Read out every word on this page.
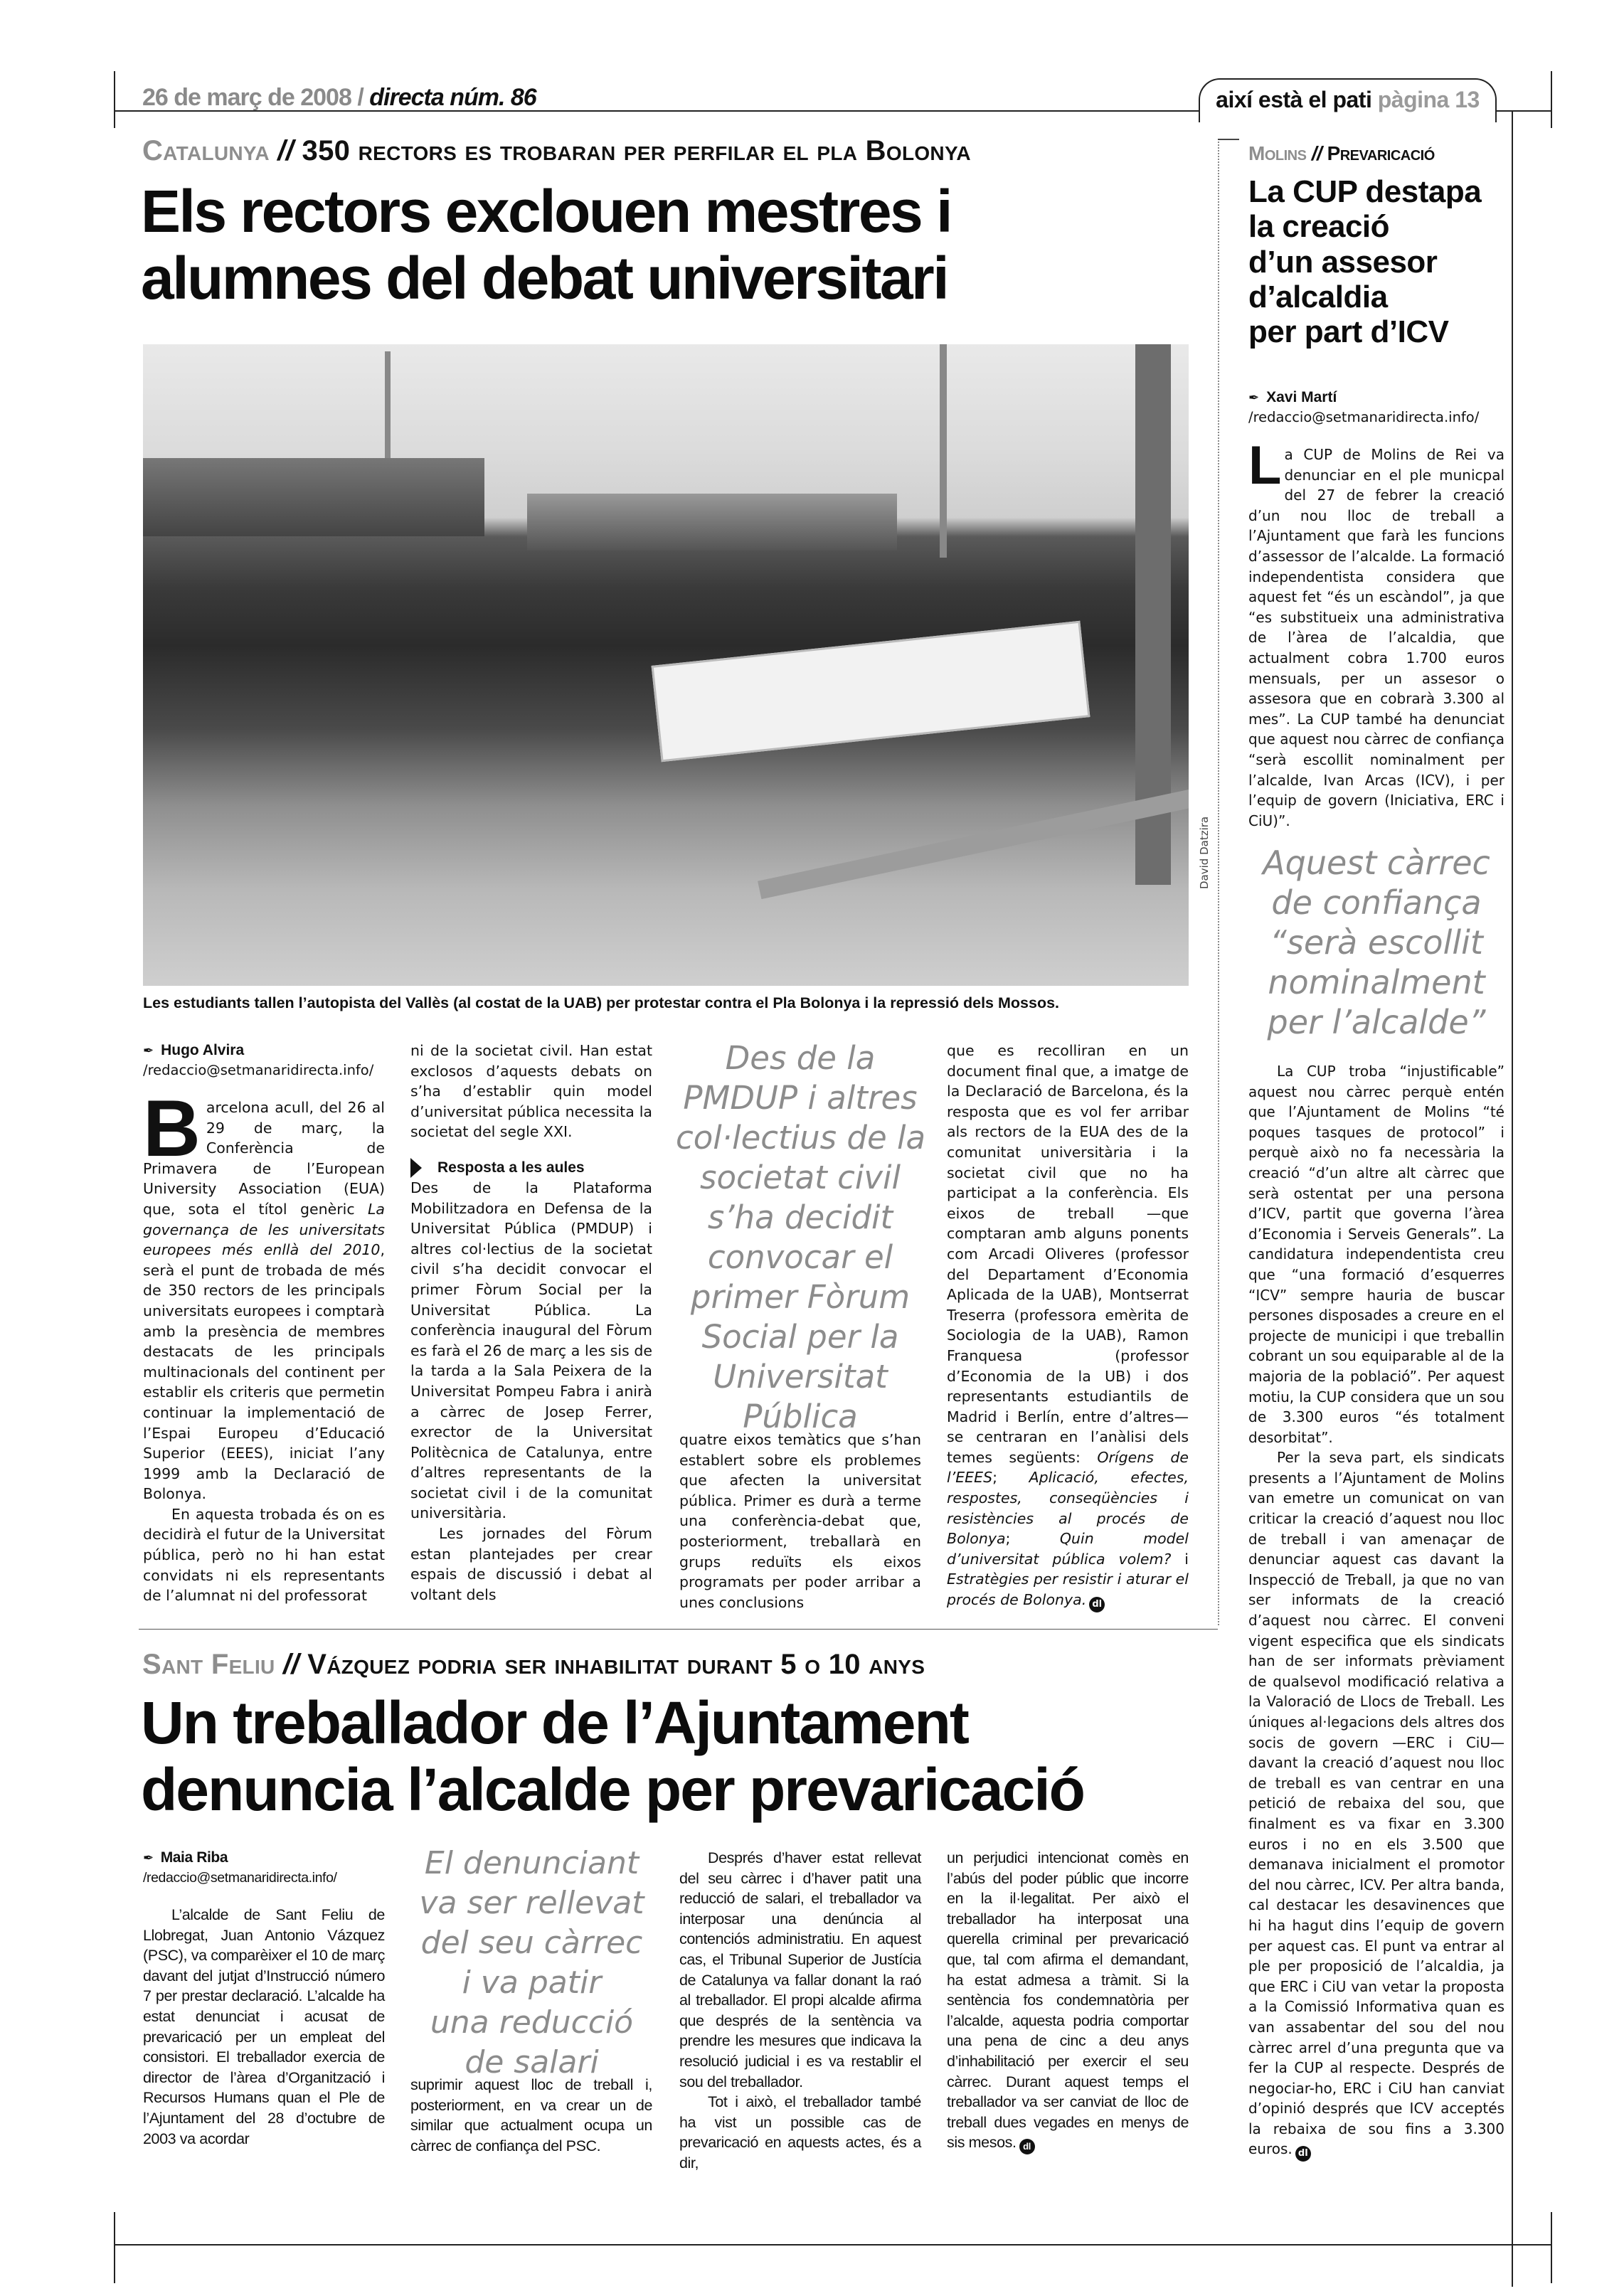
26 de març de 2008 / directa núm. 86	així està el pati pàgina 13
Catalunya // 350 rectors es trobaran per perfilar el pla Bolonya
Els rectors exclouen mestres i
alumnes del debat universitari
David Datzira
Les estudiants tallen l’autopista del Vallès (al costat de la UAB) per protestar contra el Pla Bolonya i la repressió dels Mossos.
✒ Hugo Alvira
/redaccio@setmanaridirecta.info/

Barcelona acull, del 26 al 29 de març, la Conferència de Primavera de l’European University Association (EUA) que, sota el títol genèric La governança de les universitats europees més enllà del 2010, serà el punt de trobada de més de 350 rectors de les principals universitats europees i comptarà amb la presència de membres destacats de les principals multinacionals del continent per establir els criteris que permetin continuar la implementació de l’Espai Europeu d’Educació Superior (EEES), iniciat l’any 1999 amb la Declaració de Bolonya.

En aquesta trobada és on es decidirà el futur de la Universitat pública, però no hi han estat convidats ni els representants de l’alumnat ni del professorat

ni de la societat civil. Han estat exclosos d’aquests debats on s’ha d’establir quin model d’universitat pública necessita la societat del segle XXI.

Resposta a les aules

Des de la Plataforma Mobilitzadora en Defensa de la Universitat Pública (PMDUP) i altres col·lectius de la societat civil s’ha decidit convocar el primer Fòrum Social per la Universitat Pública. La conferència inaugural del Fòrum es farà el 26 de març a les sis de la tarda a la Sala Peixera de la Universitat Pompeu Fabra i anirà a càrrec de Josep Ferrer, exrector de la Universitat Politècnica de Catalunya, entre d’altres representants de la societat civil i de la comunitat universitària.

Les jornades del Fòrum estan plantejades per crear espais de discussió i debat al voltant dels

Des de la
PMDUP i altres
col·lectius de la
societat civil
s’ha decidit
convocar el
primer Fòrum
Social per la
Universitat
Pública

quatre eixos temàtics que s’han establert sobre els problemes que afecten la universitat pública. Primer es durà a terme una conferència-debat que, posteriorment, treballarà en grups reduïts els eixos programats per poder arribar a unes conclusions

que es recolliran en un document final que, a imatge de la Declaració de Barcelona, és la resposta que es vol fer arribar als rectors de la EUA des de la comunitat universitària i la societat civil que no ha participat a la conferència. Els eixos de treball —que comptaran amb alguns ponents com Arcadi Oliveres (professor del Departament d’Economia Aplicada de la UAB), Montserrat Treserra (professora emèrita de Sociologia de la UAB), Ramon Franquesa (professor d’Economia de la UB) i dos representants estudiantils de Madrid i Berlín, entre d’altres— se centraran en l’anàlisi dels temes següents: Orígens de l’EEES; Aplicació, efectes, respostes, conseqüències i resistències al procés de Bolonya; Quin model d’universitat pública volem? i Estratègies per resistir i aturar el procés de Bolonya. dl

Molins // Prevaricació
La CUP destapa
la creació
d’un assesor
d’alcaldia
per part d’ICV
✒ Xavi Martí
/redaccio@setmanaridirecta.info/

La CUP de Molins de Rei va denunciar en el ple municpal del 27 de febrer la creació d’un nou lloc de treball a l’Ajuntament que farà les funcions d’assessor de l’alcalde. La formació independentista considera que aquest fet “és un escàndol”, ja que “es substitueix una administrativa de l’àrea de l’alcaldia, que actualment cobra 1.700 euros mensuals, per un assesor o assesora que en cobrarà 3.300 al mes”. La CUP també ha denunciat que aquest nou càrrec de confiança “serà escollit nominalment per l’alcalde, Ivan Arcas (ICV), i per l’equip de govern (Iniciativa, ERC i CiU)”.

Aquest càrrec
de confiança
“serà escollit
nominalment
per l’alcalde”

La CUP troba “injustificable” aquest nou càrrec perquè entén que l’Ajuntament de Molins “té poques tasques de protocol” i perquè això no fa necessària la creació “d’un altre alt càrrec que serà ostentat per una persona d’ICV, partit que governa l’àrea d’Economia i Serveis Generals”. La candidatura independentista creu que “una formació d’esquerres “ICV” sempre hauria de buscar persones disposades a creure en el projecte de municipi i que treballin cobrant un sou equiparable al de la majoria de la població”. Per aquest motiu, la CUP considera que un sou de 3.300 euros “és totalment desorbitat”.

Per la seva part, els sindicats presents a l’Ajuntament de Molins van emetre un comunicat on van criticar la creació d’aquest nou lloc de treball i van amenaçar de denunciar aquest cas davant la Inspecció de Treball, ja que no van ser informats de la creació d’aquest nou càrrec. El conveni vigent especifica que els sindicats han de ser informats prèviament de qualsevol modificació relativa a la Valoració de Llocs de Treball. Les úniques al·legacions dels altres dos socis de govern —ERC i CiU— davant la creació d’aquest nou lloc de treball es van centrar en una petició de rebaixa del sou, que finalment es va fixar en 3.300 euros i no en els 3.500 que demanava inicialment el promotor del nou càrrec, ICV. Per altra banda, cal destacar les desavinences que hi ha hagut dins l’equip de govern per aquest cas. El punt va entrar al ple per proposició de l’alcaldia, ja que ERC i CiU van vetar la proposta a la Comissió Informativa quan es van assabentar del sou del nou càrrec arrel d’una pregunta que va fer la CUP al respecte. Després de negociar-ho, ERC i CiU han canviat d’opinió després que ICV acceptés la rebaixa de sou fins a 3.300 euros. dl

Sant Feliu // Vázquez podria ser inhabilitat durant 5 o 10 anys
Un treballador de l’Ajuntament
denuncia l’alcalde per prevaricació
✒ Maia Riba
/redaccio@setmanaridirecta.info/

L’alcalde de Sant Feliu de Llobregat, Juan Antonio Vázquez (PSC), va comparèixer el 10 de març davant del jutjat d’Instrucció número 7 per prestar declaració. L’alcalde ha estat denunciat i acusat de prevaricació per un empleat del consistori. El treballador exercia de director de l’àrea d’Organització i Recursos Humans quan el Ple de l’Ajuntament del 28 d’octubre de 2003 va acordar

El denunciant
va ser rellevat
del seu càrrec
i va patir
una reducció
de salari

suprimir aquest lloc de treball i, posteriorment, en va crear un de similar que actualment ocupa un càrrec de confiança del PSC.

Després d’haver estat rellevat del seu càrrec i d’haver patit una reducció de salari, el treballador va interposar una denúncia al contenciós administratiu. En aquest cas, el Tribunal Superior de Justícia de Catalunya va fallar donant la raó al treballador. El propi alcalde afirma que després de la sentència va prendre les mesures que indicava la resolució judicial i es va restablir el sou del treballador.

Tot i això, el treballador també ha vist un possible cas de prevaricació en aquests actes, és a dir,

un perjudici intencionat comès en l’abús del poder públic que incorre en la il·legalitat. Per això el treballador ha interposat una querella criminal per prevaricació que, tal com afirma el demandant, ha estat admesa a tràmit. Si la sentència fos condemnatòria per l’alcalde, aquesta podria comportar una pena de cinc a deu anys d’inhabilitació per exercir el seu càrrec. Durant aquest temps el treballador va ser canviat de lloc de treball dues vegades en menys de sis mesos. dl
